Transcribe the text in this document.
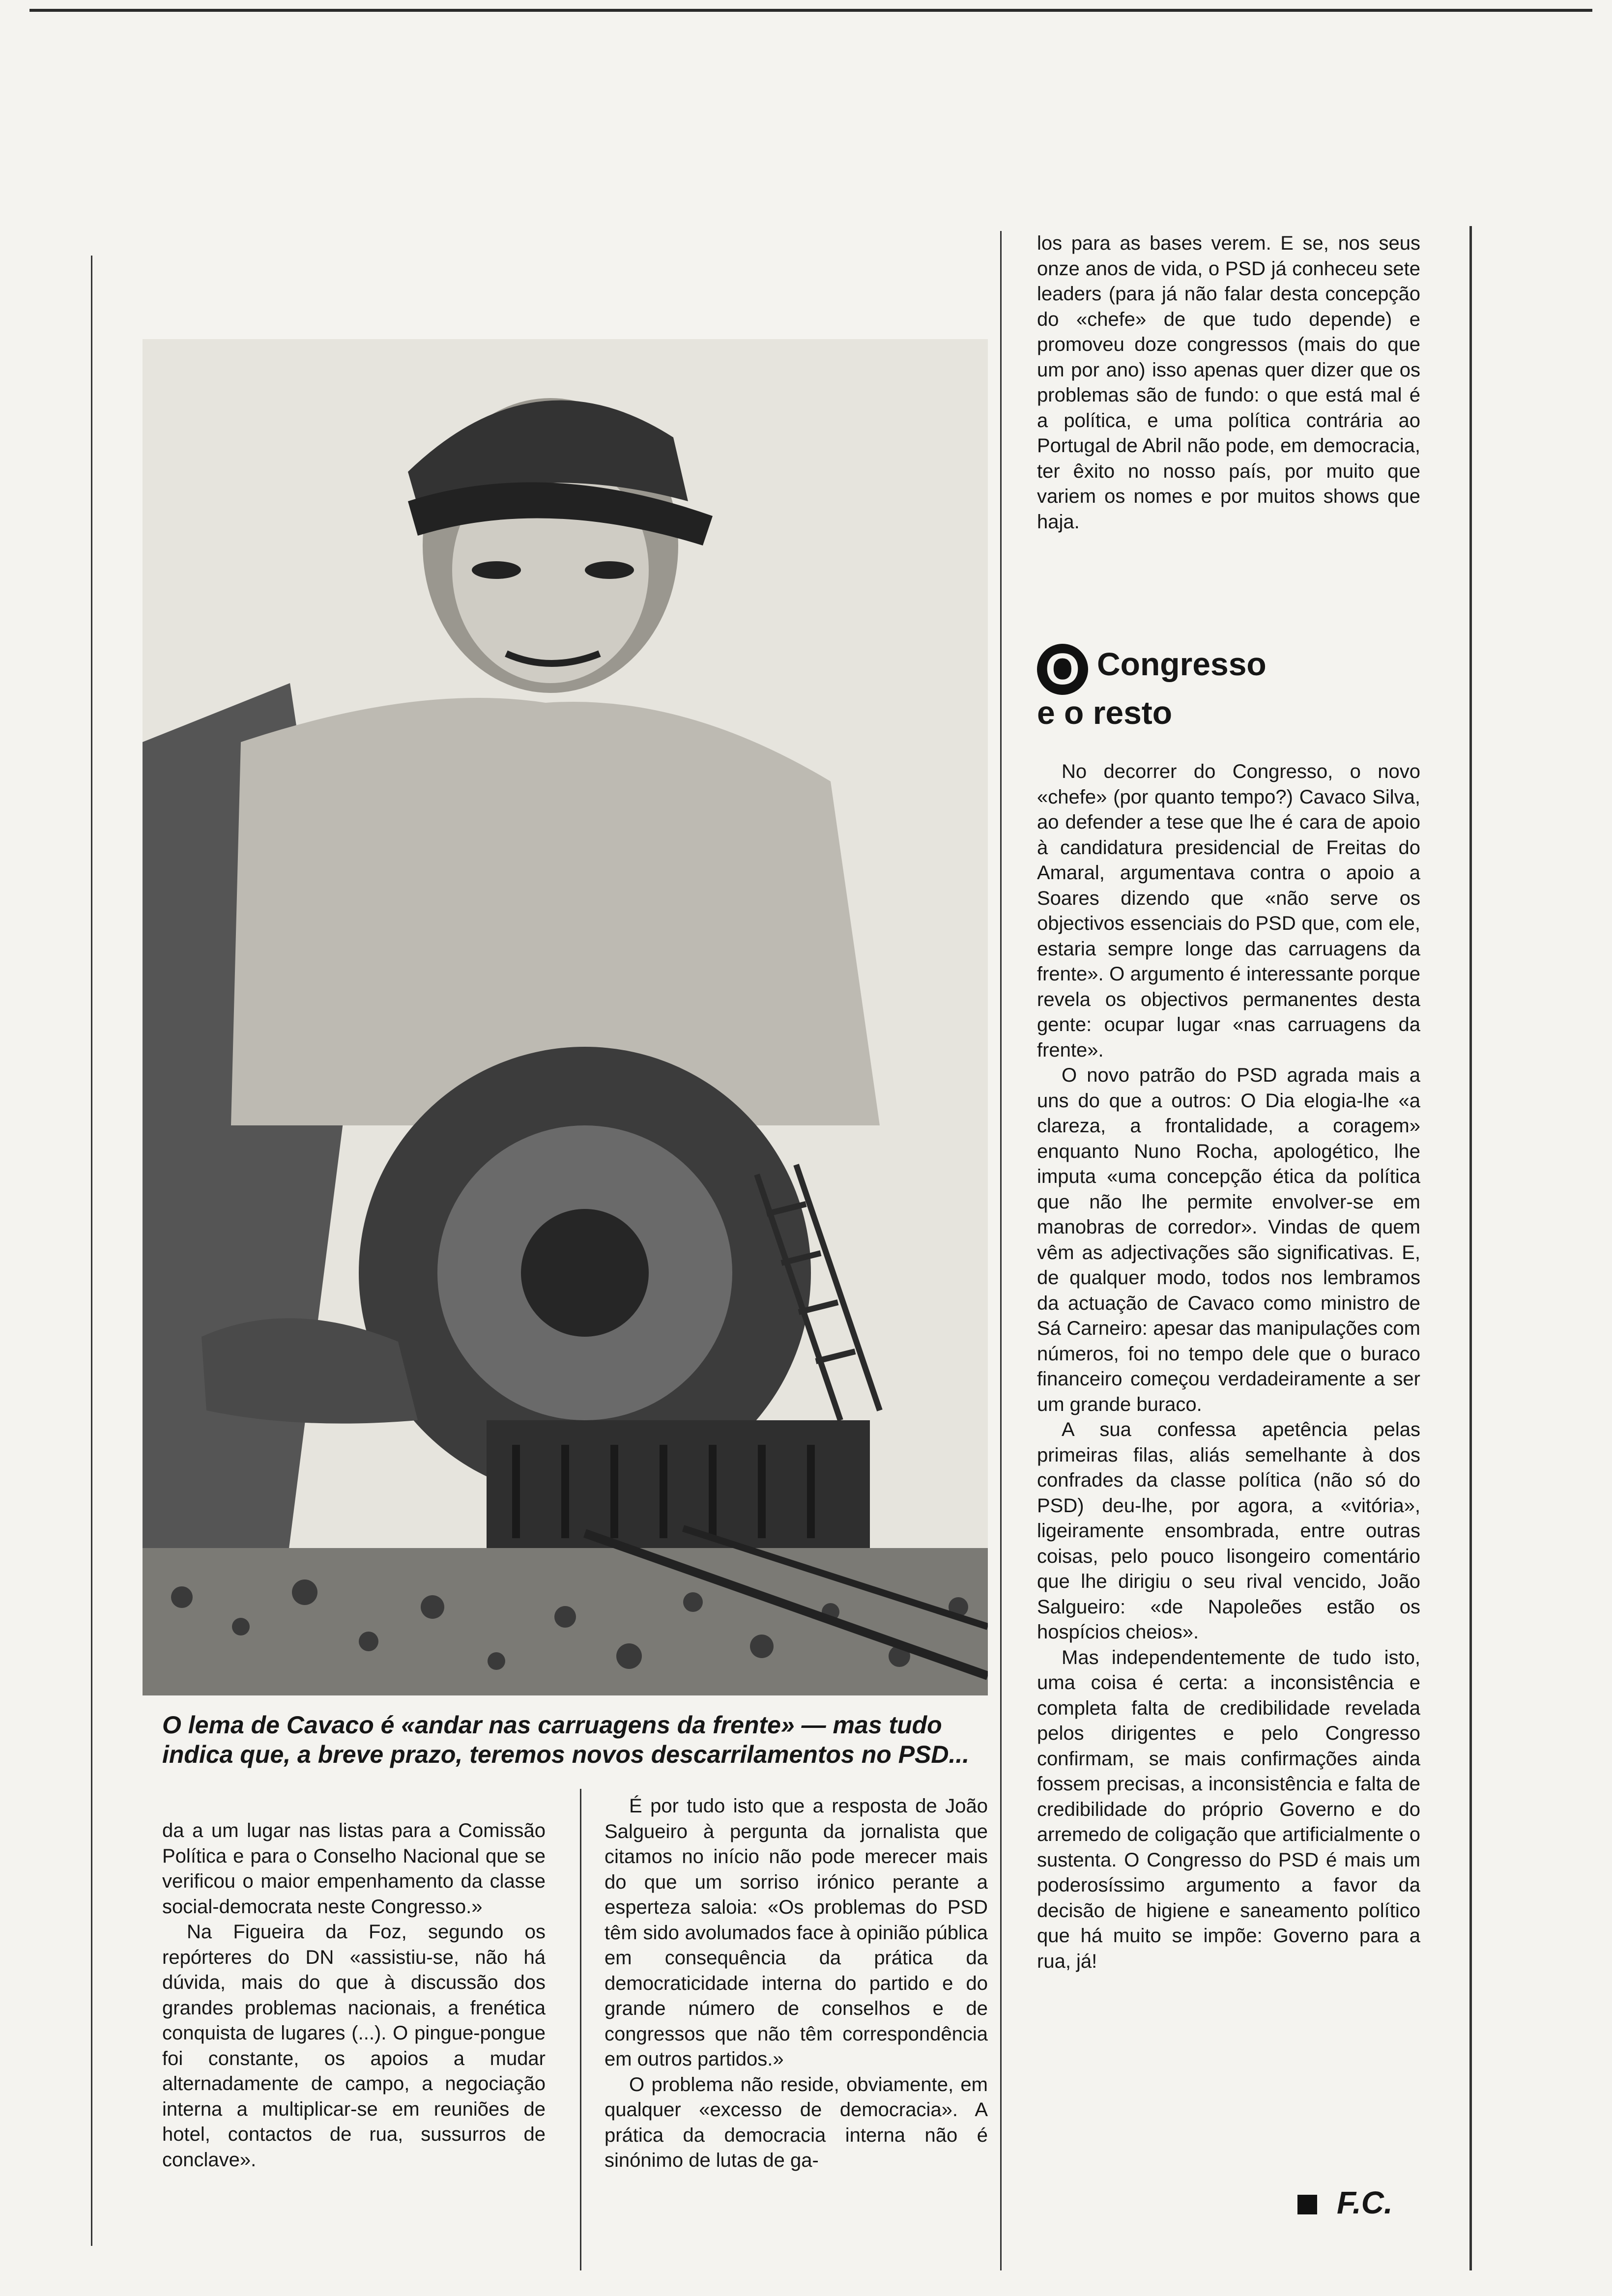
los para as bases verem. E se, nos seus onze anos de vida, o PSD já conheceu sete leaders (para já não falar desta concepção do «chefe» de que tudo depende) e promoveu doze congressos (mais do que um por ano) isso apenas quer dizer que os problemas são de fundo: o que está mal é a política, e uma política contrária ao Portugal de Abril não pode, em democracia, ter êxito no nosso país, por muito que variem os nomes e por muitos shows que haja.

O lema de Cavaco é «andar nas carruagens da frente» — mas tudo indica que, a breve prazo, teremos novos descarrilamentos no PSD...
O Congresso
e o resto

No decorrer do Congresso, o novo «chefe» (por quanto tempo?) Cavaco Silva, ao defender a tese que lhe é cara de apoio à candidatura presidencial de Freitas do Amaral, argumentava contra o apoio a Soares dizendo que «não serve os objectivos essenciais do PSD que, com ele, estaria sempre longe das carruagens da frente». O argumento é interessante porque revela os objectivos permanentes desta gente: ocupar lugar «nas carruagens da frente».

O novo patrão do PSD agrada mais a uns do que a outros: O Dia elogia-lhe «a clareza, a frontalidade, a coragem» enquanto Nuno Rocha, apologético, lhe imputa «uma concepção ética da política que não lhe permite envolver-se em manobras de corredor». Vindas de quem vêm as adjectivações são significativas. E, de qualquer modo, todos nos lembramos da actuação de Cavaco como ministro de Sá Carneiro: apesar das manipulações com números, foi no tempo dele que o buraco financeiro começou verdadeiramente a ser um grande buraco.

A sua confessa apetência pelas primeiras filas, aliás semelhante à dos confrades da classe política (não só do PSD) deu-lhe, por agora, a «vitória», ligeiramente ensombrada, entre outras coisas, pelo pouco lisongeiro comentário que lhe dirigiu o seu rival vencido, João Salgueiro: «de Napoleões estão os hospícios cheios».

Mas independentemente de tudo isto, uma coisa é certa: a inconsistência e completa falta de credibilidade revelada pelos dirigentes e pelo Congresso confirmam, se mais confirmações ainda fossem precisas, a inconsistência e falta de credibilidade do próprio Governo e do arremedo de coligação que artificialmente o sustenta. O Congresso do PSD é mais um poderosíssimo argumento a favor da decisão de higiene e saneamento político que há muito se impõe: Governo para a rua, já!

da a um lugar nas listas para a Comissão Política e para o Conselho Nacional que se verificou o maior empenhamento da classe social-democrata neste Congresso.»

Na Figueira da Foz, segundo os repórteres do DN «assistiu-se, não há dúvida, mais do que à discussão dos grandes problemas nacionais, a frenética conquista de lugares (...). O pingue-pongue foi constante, os apoios a mudar alternadamente de campo, a negociação interna a multiplicar-se em reuniões de hotel, contactos de rua, sussurros de conclave».

É por tudo isto que a resposta de João Salgueiro à pergunta da jornalista que citamos no início não pode merecer mais do que um sorriso irónico perante a esperteza saloia: «Os problemas do PSD têm sido avolumados face à opinião pública em consequência da prática da democraticidade interna do partido e do grande número de conselhos e de congressos que não têm correspondência em outros partidos.»

O problema não reside, obviamente, em qualquer «excesso de democracia». A prática da democracia interna não é sinónimo de lutas de ga-

F.C.
